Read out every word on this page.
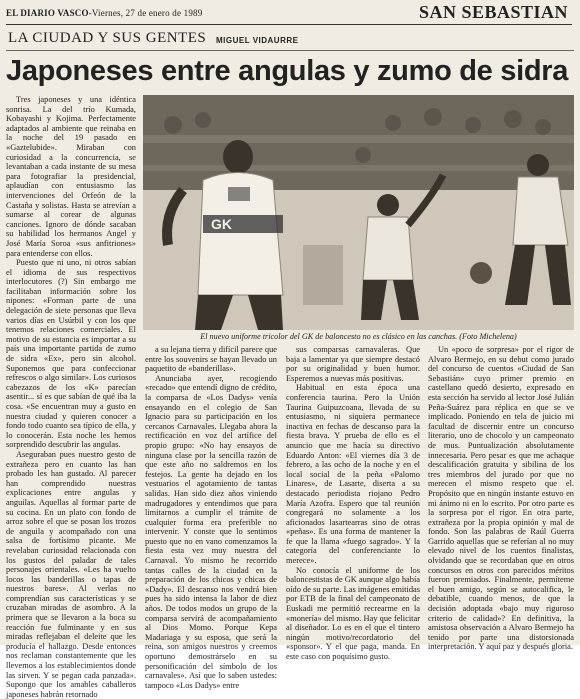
EL DIARIO VASCO-Viernes, 27 de enero de 1989	SAN SEBASTIAN
LA CIUDAD Y SUS GENTES MIGUEL VIDAURRE
Japoneses entre angulas y zumo de sidra

Tres japoneses y una idéntica sonrisa. La del trío Kumada, Kobayashi y Kojima. Perfectamente adaptados al ambiente que reinaba en la noche del 19 pasado en «Gaztelubide». Miraban con curiosidad a la concurrencia, se levantaban a cada instante de su mesa para fotografiar la presidencial, aplaudían con entusiasmo las intervenciones del Orfeón de la Castaña y solistas. Hasta se atrevían a sumarse al corear de algunas canciones. Ignoro de dónde sacaban su habilidad los hermanos Angel y José María Soroa «sus anfitriones» para entenderse con ellos.

Puesto que ni uno, ni otros sabían el idioma de sus respectivos interlocutores (?) Sin embargo me facilitaban información sobre los nipones: «Forman parte de una delegación de siete personas que lleva varios días en Usúrbil y con los que tenemos relaciones comerciales. El motivo de su estancia es importar a su país una importante partida de zumo de sidra «Ex», pero sin alcohol. Suponemos que para confeccionar refrescos o algo similar». Los curiosos cabezazos de los «K» parecían asentir... sí es que sabían de qué iba la cosa. «Se encuentran muy a gusto en nuestra ciudad y quieren conocer a fondo todo cuanto sea típico de ella, y lo conocerán. Esta noche les hemos sorprendido descubrir las angulas.

Aseguraban pues nuestro gesto de extrañeza pero en cuanto las han probado les han gustado. Al parecer han comprendido nuestras explicaciones entre angulas y anguilas. Aquellas al formar parte de su cocina. En un plato con fondo de arroz sobre el que se posan los trozos de anguila y acompañado con una salsa de fortísimo picante. Me revelaban curiosidad relacionada con los gustos del paladar de tales personajes orientales. «Les ha vuelto locos las banderillas o tapas de nuestros bares». Al verlas no comprendían sus características y se cruzaban miradas de asombro. A la primera que se llevaron a la boca su reacción fue fulminante y en sus miradas reflejaban el deleite que les producía el hallazgo. Desde entonces nos reclaman constantemente que les llevemos a los establecimientos donde las sirven. Y se pegan cada panzada». Supongo que los amables caballeros japoneses habrán retornado

GK
El nuevo uniforme tricolor del GK de baloncesto no es clásico en las canchas. (Foto Michelena)

a su lejana tierra y difícil parece que entre los souvenirs se hayan llevado un paquetito de «banderillas».

Anunciaba ayer, recogiendo «recado» que entendí digno de crédito, la comparsa de «Los Dadys» venía ensayando en el colegio de San Ignacio para su participación en los cercanos Carnavales. Llegaba ahora la rectificación en voz del artífice del propio grupo: «No hay ensayos de ninguna clase por la sencilla razón de que este año no saldremos en los festejos. La gente ha dejado en los vestuarios el agotamiento de tantas salidas. Han sido diez años viniendo madrugadores y entendimos que para limitarnos a cumplir el trámite de cualquier forma era preferible no intervenir. Y conste que lo sentimos puesto que no en vano comenzamos la fiesta esta vez muy nuestra del Carnaval. Yo mismo he recorrido tantas calles de la ciudad en la preparación de los chicos y chicas de «Dady». El descanso nos vendrá bien pues ha sido intensa la labor de diez años. De todos modos un grupo de la comparsa servirá de acompañamiento al Dios Momo. Porque Kepa Madariaga y su esposa, que será la reina, son amigos nuestros y creemos oportuno demostrárselo en su personificación del símbolo de los carnavales». Así que lo saben ustedes: tampoco «Los Dadys» entre

sus comparsas carnavaleras. Que baja a lamentar ya que siempre destacó por su originalidad y buen humor. Esperemos a nuevas más positivas.

Habitual en esta época una conferencia taurina. Pero la Unión Taurina Guipuzcoana, llevada de su entusiasmo, ni siquiera permanece inactiva en fechas de descanso para la fiesta brava. Y prueba de ello es el anuncio que me hacía su directivo Eduardo Anton: «El viernes día 3 de febrero, a las ocho de la noche y en el local social de la peña «Palomo Linares», de Lasarte, diserta a su destacado periodista riojano Pedro María Azofra. Espero que tal reunión congregará no solamente a los aficionados lasartearras sino de otras «peñas». Es una forma de mantener la fe que la llama «fuego sagrado». Y la categoría del conferenciante lo merece».

No conocía el uniforme de los baloncestistas de GK aunque algo había oído de su parte. Las imágenes emitidas por ETB de la final del campeonato de Euskadi me permitió recrearme en la «monería» del mismo. Hay que felicitar al diseñador. Lo es en el que el tintero ningún motivo/recordatorio del «sponsor». Y el que paga, manda. En este caso con poquísimo gusto.

Un «poco de sorpresa» por el rigor de Alvaro Bermejo, en su debut como jurado del concurso de cuentos «Ciudad de San Sebastián» cuyo primer premio en castellano quedó desierto, expresado en esta sección ha servido al lector José Julián Peña-Suárez para réplica en que se ve implicado. Poniendo en tela de juicio mi facultad de discernir entre un concurso literario, uno de chocolo y un campeonato de mus. Puntualización absolutamente innecesaria. Pero pesar es que me achaque descalificación gratuita y sibilina de los tres miembros del jurado por que no merecen el mismo respeto que el. Propósito que en ningún instante estuvo en mi ánimo ni en lo escrito. Por otro parte es la sorpresa por el rigor. En otra parte, extrañeza por la propia opinión y mal de fondo. Son las palabras de Raúl Guerra Garrido aquellas que se referían al no muy elevado nivel de los cuentos finalistas, olvidando que se recordaban que en otros concursos en otros con parecidos méritos fueron premiados. Finalmente, permíteme el buen amigo, según se autocalifica, le debatible, cuando menos, de que la decisión adoptada «bajo muy riguroso criterio de calidad»? En definitiva, la amistosa observación a Alvaro Bermejo ha tenido por parte una distorsionada interpretación. Y aquí paz y después gloria.
